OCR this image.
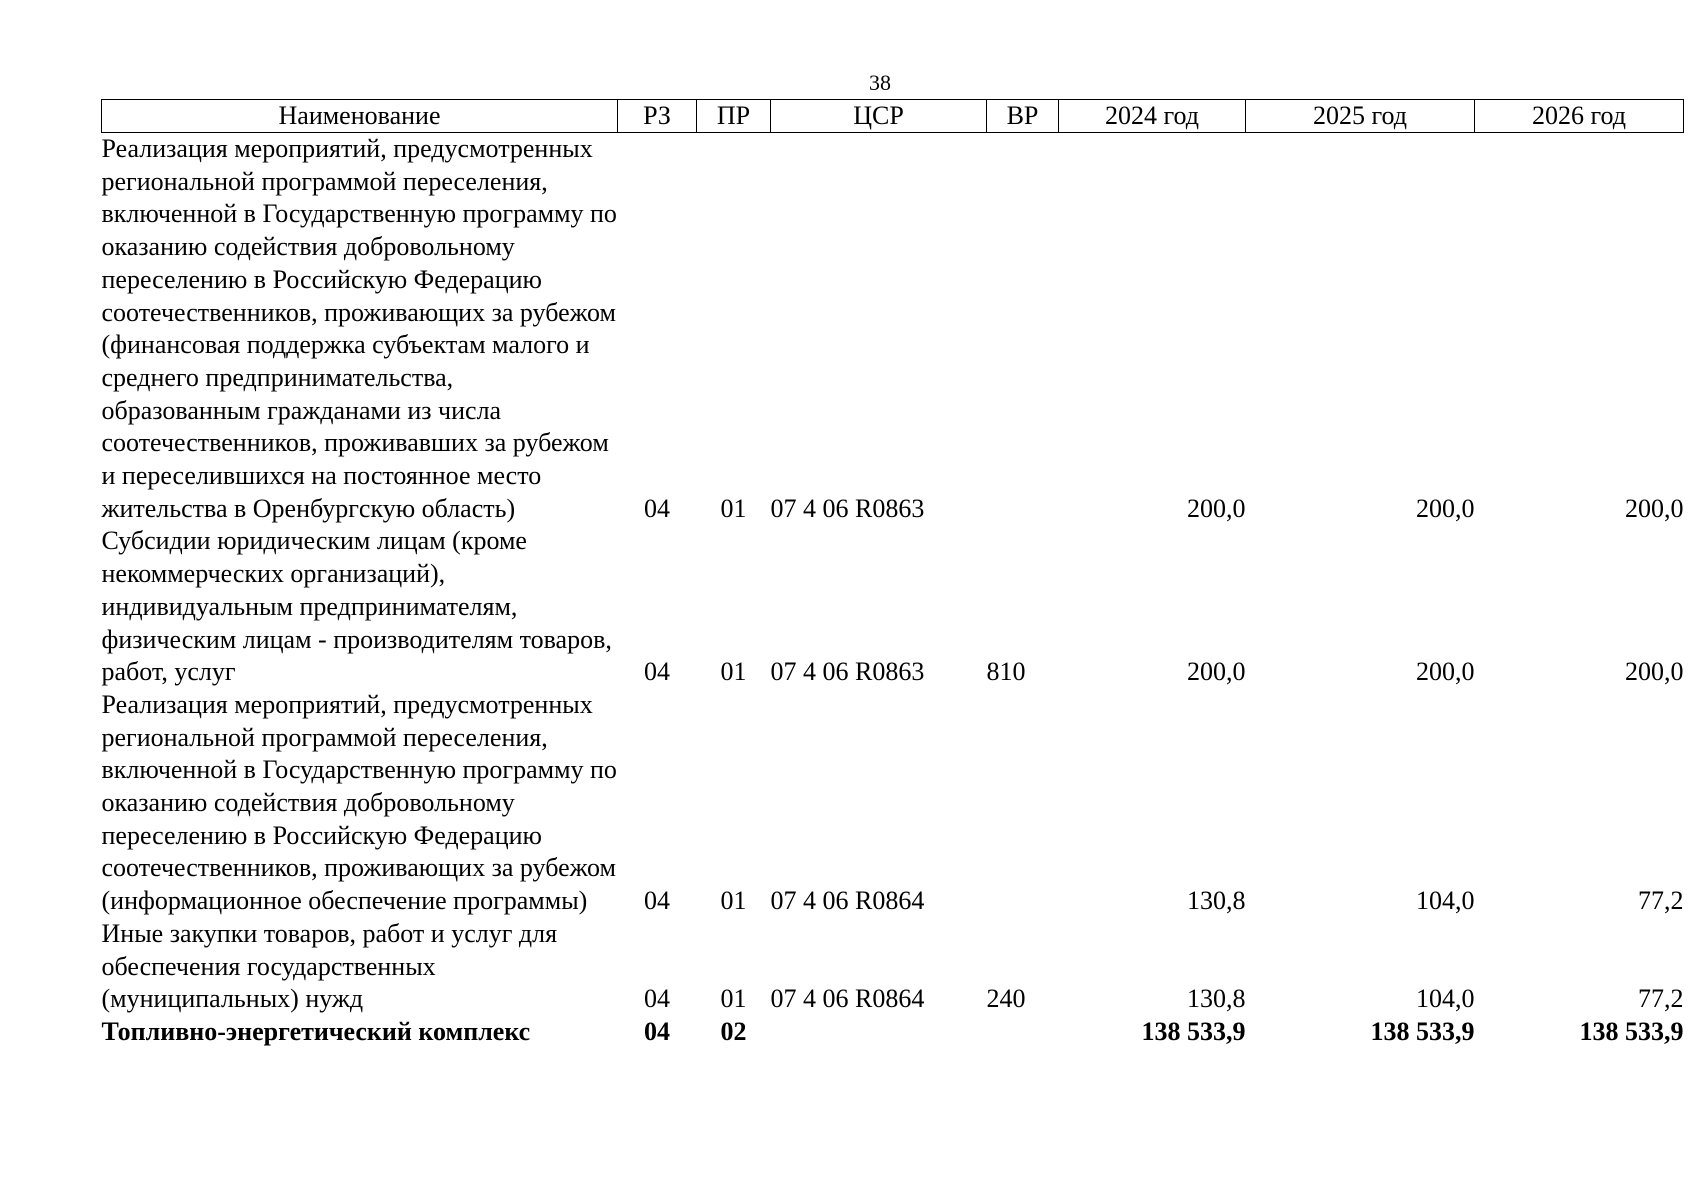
38
Наименование	РЗ	ПР	ЦСР	ВР	2024 год	2025 год	2026 год
Реализация мероприятий, предусмотренных региональной программой переселения, включенной в Государственную программу по оказанию содействия добровольному переселению в Российскую Федерацию соотечественников, проживающих за рубежом (финансовая поддержка субъектам малого и среднего предпринимательства, образованным гражданами из числа соотечественников, проживавших за рубежом и переселившихся на постоянное место жительства в Оренбургскую область)	04	01	07 4 06 R0863		200,0	200,0	200,0
Субсидии юридическим лицам (кроме некоммерческих организаций), индивидуальным предпринимателям, физическим лицам - производителям товаров, работ, услуг	04	01	07 4 06 R0863	810	200,0	200,0	200,0
Реализация мероприятий, предусмотренных региональной программой переселения, включенной в Государственную программу по оказанию содействия добровольному переселению в Российскую Федерацию соотечественников, проживающих за рубежом (информационное обеспечение программы)	04	01	07 4 06 R0864		130,8	104,0	77,2
Иные закупки товаров, работ и услуг для обеспечения государственных (муниципальных) нужд	04	01	07 4 06 R0864	240	130,8	104,0	77,2
Топливно-энергетический комплекс	04	02			138 533,9	138 533,9	138 533,9
